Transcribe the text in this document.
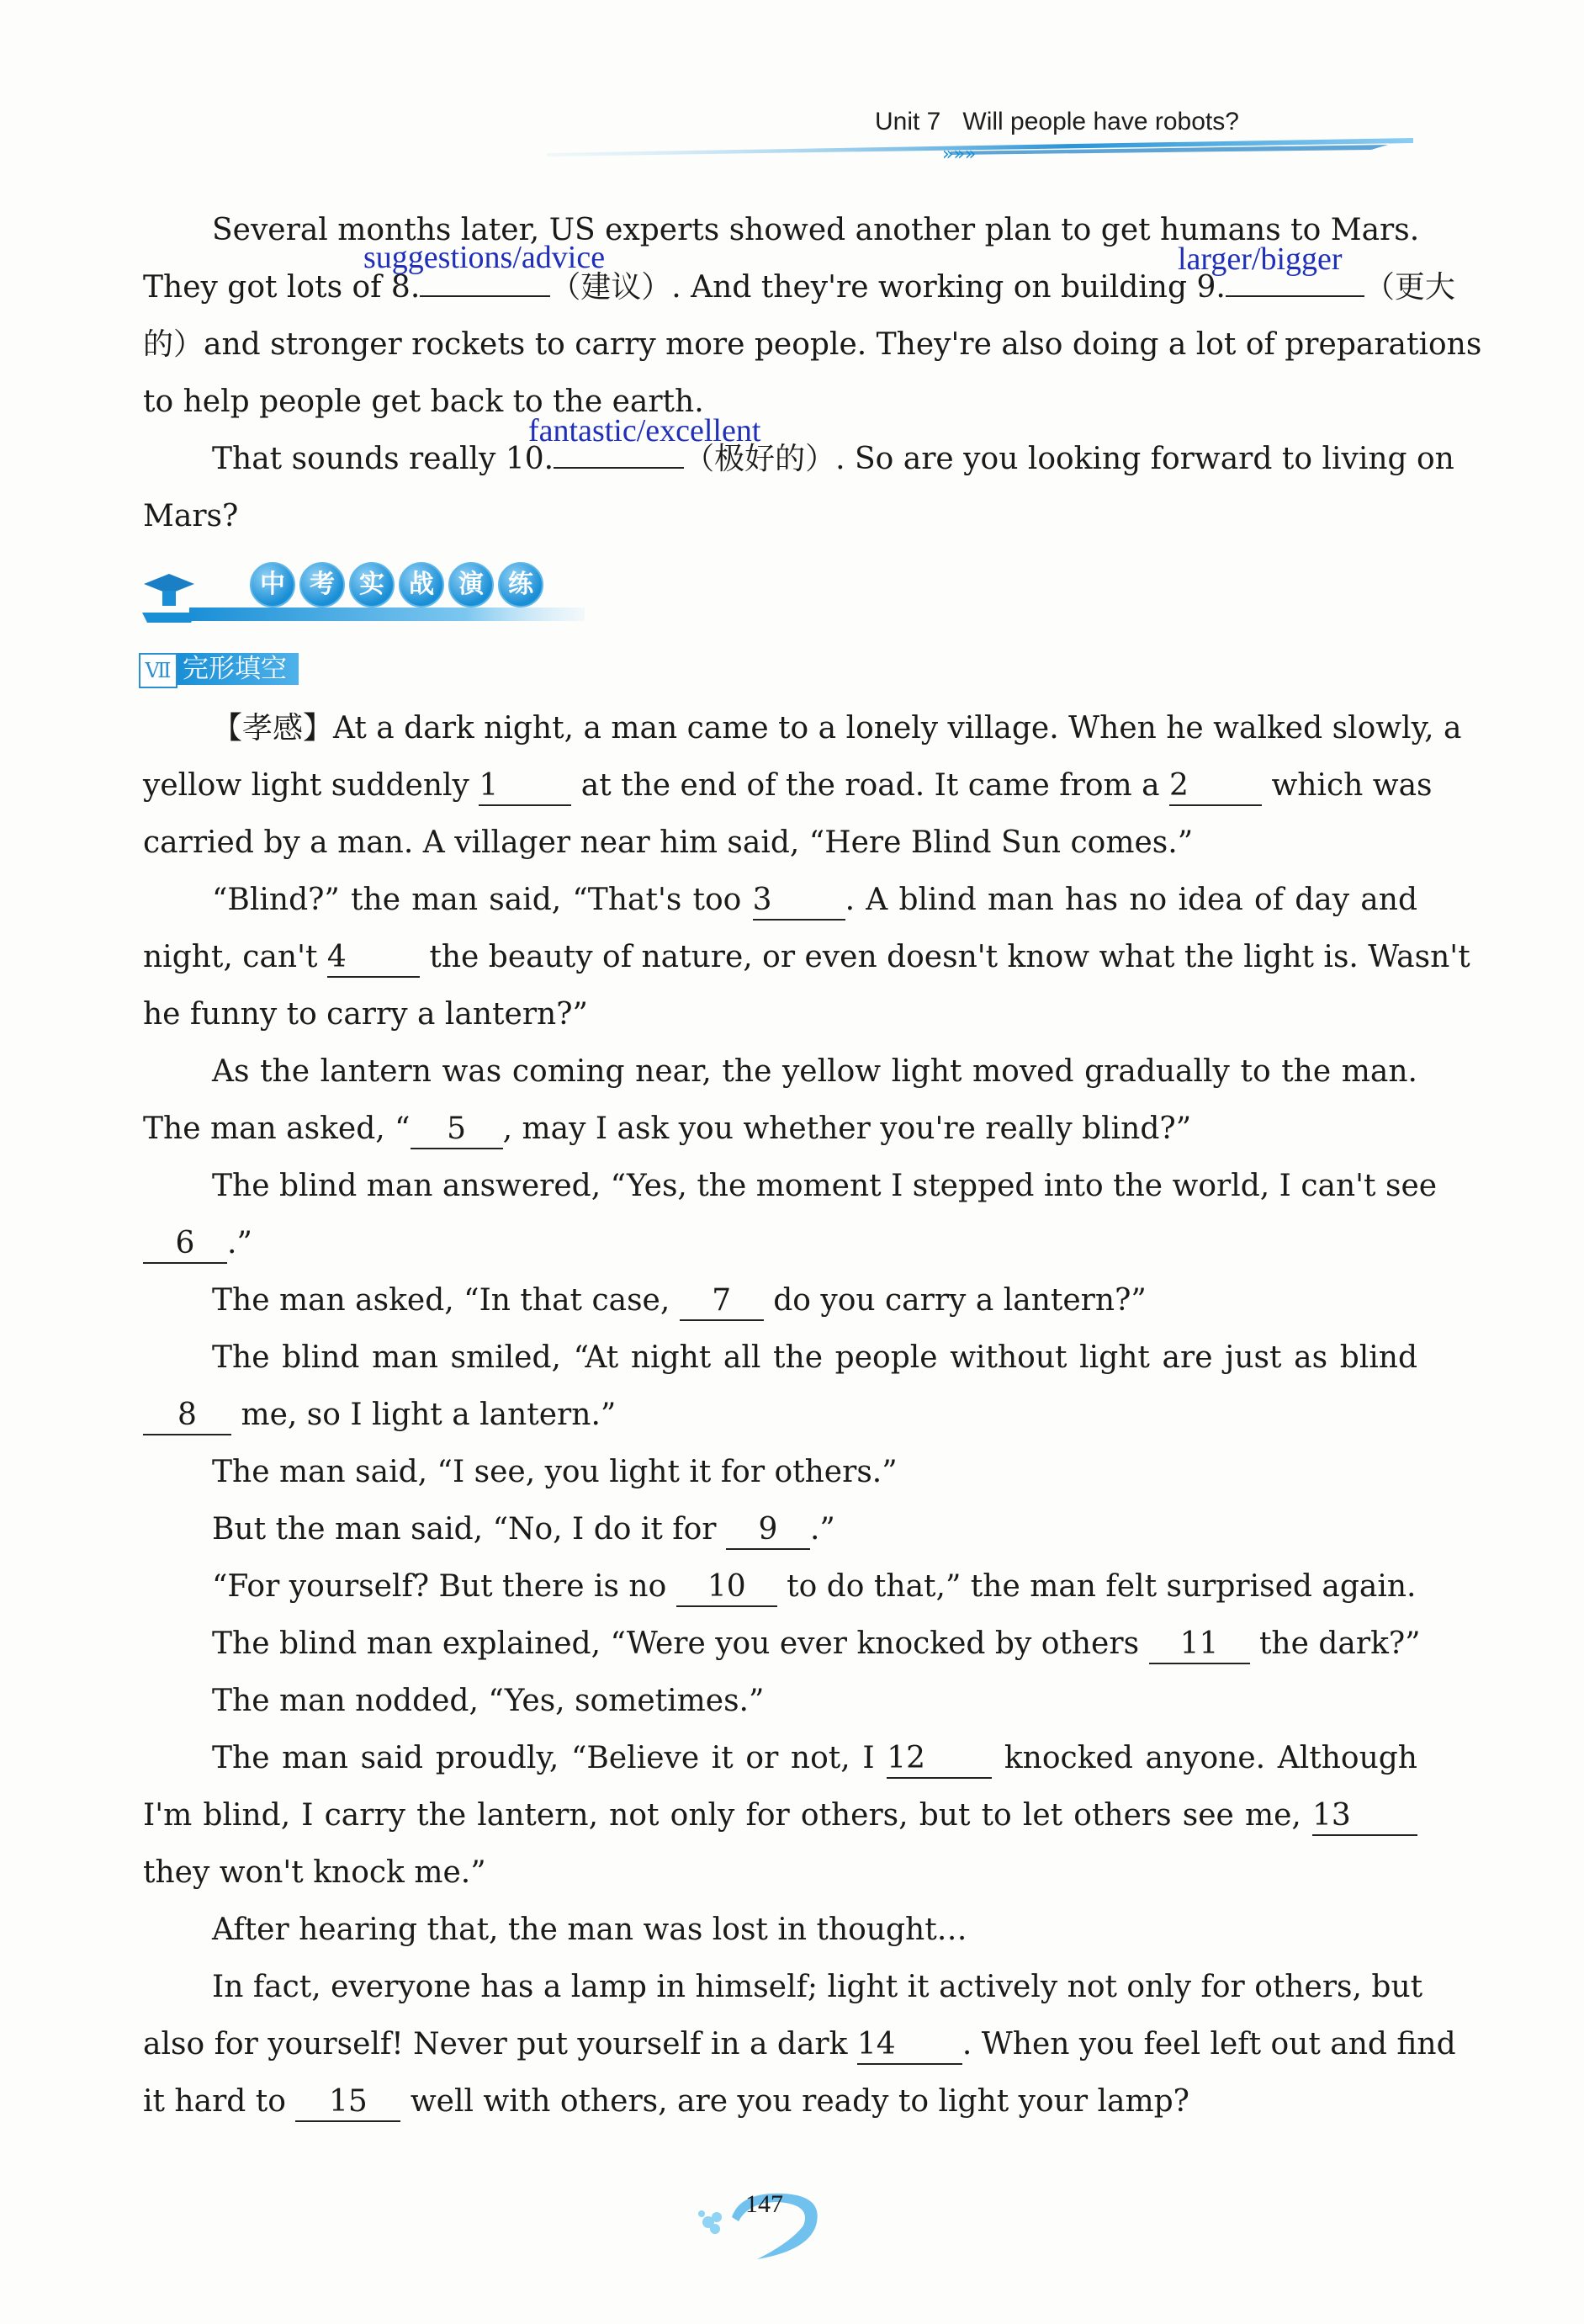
Unit 7 Will people have robots?
»»»
Several months later, US experts showed another plan to get humans to Mars.
They got lots of 8.	（建议）. And they're working on building 9.	（更大
的）and stronger rockets to carry more people. They're also doing a lot of preparations
to help people get back to the earth.
That sounds really 10.	（极好的）. So are you looking forward to living on
Mars?
suggestions/advice	larger/bigger
fantastic/excellent
中 考 实 战 演 练
Ⅶ 完形填空
【孝感】At a dark night, a man came to a lonely village. When he walked slowly, a
yellow light suddenly 1	at the end of the road. It came from a 2	which was
carried by a man. A villager near him said, “Here Blind Sun comes.”
“Blind?” the man said, “That's too 3 . A blind man has no idea of day and
night, can't 4	the beauty of nature, or even doesn't know what the light is. Wasn't
he funny to carry a lantern?”
As the lantern was coming near, the yellow light moved gradually to the man.
The man asked, “ 5 , may I ask you whether you're really blind?”
The blind man answered, “Yes, the moment I stepped into the world, I can't see
6 .”
The man asked, “In that case, 7 do you carry a lantern?”
The blind man smiled, “At night all the people without light are just as blind
8 me, so I light a lantern.”
The man said, “I see, you light it for others.”
But the man said, “No, I do it for 9 .”
“For yourself? But there is no 10 to do that,” the man felt surprised again.
The blind man explained, “Were you ever knocked by others 11 the dark?”
The man nodded, “Yes, sometimes.”
The man said proudly, “Believe it or not, I 12	knocked anyone. Although
I'm blind, I carry the lantern, not only for others, but to let others see me, 13
they won't knock me.”
After hearing that, the man was lost in thought…
In fact, everyone has a lamp in himself; light it actively not only for others, but
also for yourself! Never put yourself in a dark 14 . When you feel left out and find
it hard to 15 well with others, are you ready to light your lamp?
147
